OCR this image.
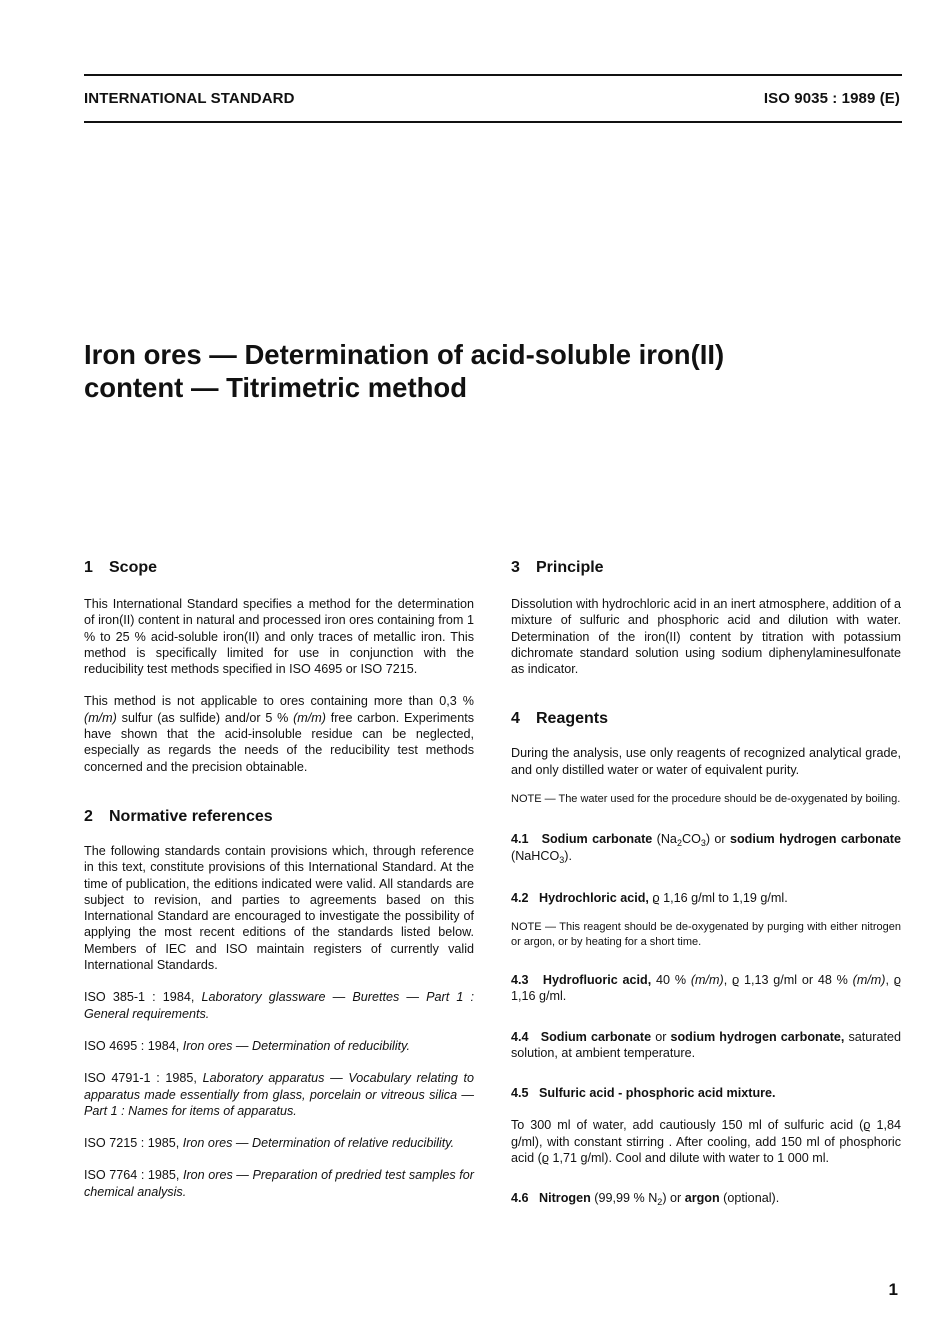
INTERNATIONAL STANDARD	ISO 9035 : 1989 (E)
Iron ores — Determination of acid-soluble iron(II)
content — Titrimetric method
1 Scope

This International Standard specifies a method for the determination of iron(II) content in natural and processed iron ores containing from 1 % to 25 % acid-soluble iron(II) and only traces of metallic iron. This method is specifically limited for use in conjunction with the reducibility test methods specified in ISO 4695 or ISO 7215.

This method is not applicable to ores containing more than 0,3 % (m/m) sulfur (as sulfide) and/or 5 % (m/m) free carbon. Experiments have shown that the acid-insoluble residue can be neglected, especially as regards the needs of the reducibility test methods concerned and the precision obtainable.

2 Normative references

The following standards contain provisions which, through reference in this text, constitute provisions of this International Standard. At the time of publication, the editions indicated were valid. All standards are subject to revision, and parties to agreements based on this International Standard are encouraged to investigate the possibility of applying the most recent editions of the standards listed below. Members of IEC and ISO maintain registers of currently valid International Standards.

ISO 385-1 : 1984, Laboratory glassware — Burettes — Part 1 : General requirements.

ISO 4695 : 1984, Iron ores — Determination of reducibility.

ISO 4791-1 : 1985, Laboratory apparatus — Vocabulary relating to apparatus made essentially from glass, porcelain or vitreous silica — Part 1 : Names for items of apparatus.

ISO 7215 : 1985, Iron ores — Determination of relative reducibility.

ISO 7764 : 1985, Iron ores — Preparation of predried test samples for chemical analysis.

3 Principle

Dissolution with hydrochloric acid in an inert atmosphere, addition of a mixture of sulfuric and phosphoric acid and dilution with water. Determination of the iron(II) content by titration with potassium dichromate standard solution using sodium diphenylaminesulfonate as indicator.

4 Reagents

During the analysis, use only reagents of recognized analytical grade, and only distilled water or water of equivalent purity.

NOTE — The water used for the procedure should be de-oxygenated by boiling.

4.1 Sodium carbonate $(Na_2CO_3)$ or sodium hydrogen carbonate (NaHCO$_3$).

4.2 Hydrochloric acid, ϱ 1,16 g/ml to 1,19 g/ml.

NOTE — This reagent should be de-oxygenated by purging with either nitrogen or argon, or by heating for a short time.

4.3 Hydrofluoric acid, 40 % (m/m), ϱ 1,13 g/ml or 48 % (m/m), ϱ 1,16 g/ml.

4.4 Sodium carbonate or sodium hydrogen carbonate, saturated solution, at ambient temperature.

4.5 Sulfuric acid - phosphoric acid mixture.

To 300 ml of water, add cautiously 150 ml of sulfuric acid (ϱ 1,84 g/ml), with constant stirring . After cooling, add 150 ml of phosphoric acid (ϱ 1,71 g/ml). Cool and dilute with water to 1 000 ml.

4.6 Nitrogen (99,99 % $N_2$) or argon (optional).

1
